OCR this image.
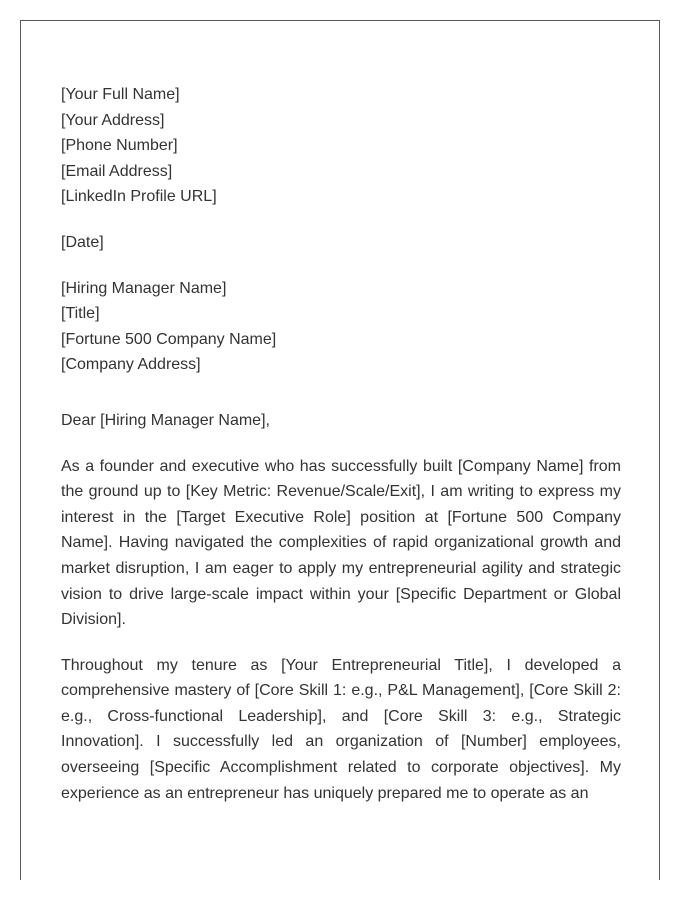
[Your Full Name]
[Your Address]
[Phone Number]
[Email Address]
[LinkedIn Profile URL]
[Date]
[Hiring Manager Name]
[Title]
[Fortune 500 Company Name]
[Company Address]

Dear [Hiring Manager Name],

As a founder and executive who has successfully built [Company Name] from the ground up to [Key Metric: Revenue/Scale/Exit], I am writing to express my interest in the [Target Executive Role] position at [Fortune 500 Company Name]. Having navigated the complexities of rapid organizational growth and market disruption, I am eager to apply my entrepreneurial agility and strategic vision to drive large-scale impact within your [Specific Department or Global Division].

Throughout my tenure as [Your Entrepreneurial Title], I developed a comprehensive mastery of [Core Skill 1: e.g., P&L Management], [Core Skill 2: e.g., Cross-functional Leadership], and [Core Skill 3: e.g., Strategic Innovation]. I successfully led an organization of [Number] employees, overseeing [Specific Accomplishment related to corporate objectives]. My experience as an entrepreneur has uniquely prepared me to operate as an
